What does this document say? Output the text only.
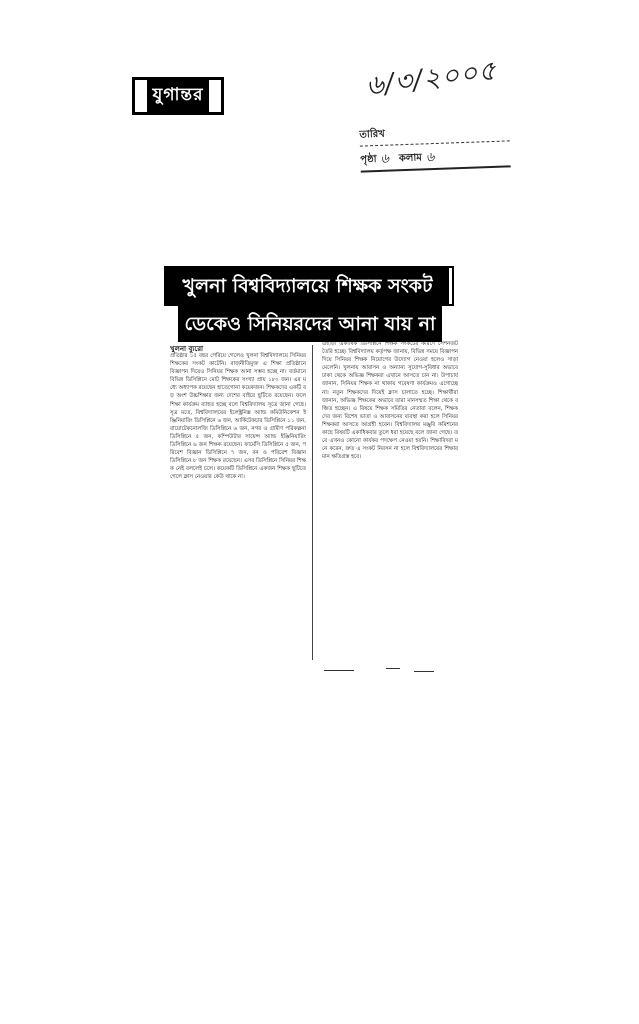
যুগান্তর	৬/৩/২০০৫
তারিখ
পৃষ্ঠা ৬ কলাম ৬
খুলনা বিশ্ববিদ্যালয়ে শিক্ষক সংকট
ডেকেও সিনিয়রদের আনা যায় না
খুলনা ব্যুরো
প্রতিষ্ঠার ১৫ বছর পেরিয়ে গেলেও খুলনা বিশ্ববিদ্যালয়ে সিনিয়র শিক্ষকের সংকট কাটেনি। রাজনীতিমুক্ত এ শিক্ষা প্রতিষ্ঠানে বিজ্ঞাপন দিয়েও সিনিয়র শিক্ষক আনা সম্ভব হচ্ছে না। বর্তমানে বিভিন্ন ডিসিপ্লিনে মোট শিক্ষকের সংখ্যা প্রায় ১৮০ জন। এর মধ্যে অধ্যাপক রয়েছেন হাতেগোনা কয়েকজন। শিক্ষকদের একটি বড় অংশ উচ্চশিক্ষার জন্য দেশের বাইরে ছুটিতে রয়েছেন। ফলে শিক্ষা কার্যক্রম ব্যাহত হচ্ছে বলে বিশ্ববিদ্যালয় সূত্রে জানা গেছে। সূত্র মতে, বিশ্ববিদ্যালয়ের ইলেক্ট্রনিক্স অ্যান্ড কমিউনিকেশন ইঞ্জিনিয়ারিং ডিসিপ্লিনে ৬ জন, আর্কিটেকচার ডিসিপ্লিনে ১১ জন, বায়োটেকনোলজি ডিসিপ্লিনে ৬ জন, নগর ও গ্রামীণ পরিকল্পনা ডিসিপ্লিনে ৫ জন, কম্পিউটার সায়েন্স অ্যান্ড ইঞ্জিনিয়ারিং ডিসিপ্লিনে ৬ জন শিক্ষক রয়েছেন। ফার্মেসি ডিসিপ্লিনে ৫ জন, পরিবেশ বিজ্ঞান ডিসিপ্লিনে ৭ জন, বন ও পরিবেশ বিজ্ঞান ডিসিপ্লিনে ৮ জন শিক্ষক রয়েছেন। এসব ডিসিপ্লিনে সিনিয়র শিক্ষক নেই বললেই চলে। কয়েকটি ডিসিপ্লিনে একজন শিক্ষক ছুটিতে গেলে ক্লাস নেওয়ার কেউ থাকে না।
এছাড়া একাধিক ডিসিপ্লিনে শিক্ষক সংকটের কারণে সেশনজট তৈরি হচ্ছে। বিশ্ববিদ্যালয় কর্তৃপক্ষ জানায়, বিভিন্ন সময়ে বিজ্ঞাপন দিয়ে সিনিয়র শিক্ষক নিয়োগের উদ্যোগ নেওয়া হলেও সাড়া মেলেনি। খুলনায় আবাসন ও অন্যান্য সুযোগ-সুবিধার অভাবে ঢাকা থেকে অভিজ্ঞ শিক্ষকরা এখানে আসতে চান না। উপাচার্য জানান, সিনিয়র শিক্ষক না থাকায় গবেষণা কার্যক্রমও এগোচ্ছে না। নতুন শিক্ষকদের দিয়েই ক্লাস চালাতে হচ্ছে। শিক্ষার্থীরা জানান, অভিজ্ঞ শিক্ষকের অভাবে তারা মানসম্মত শিক্ষা থেকে বঞ্চিত হচ্ছেন। এ বিষয়ে শিক্ষক সমিতির নেতারা বলেন, শিক্ষকদের জন্য বিশেষ ভাতা ও আবাসনের ব্যবস্থা করা হলে সিনিয়র শিক্ষকরা আসতে আগ্রহী হবেন। বিশ্ববিদ্যালয় মঞ্জুরি কমিশনের কাছে বিষয়টি একাধিকবার তুলে ধরা হয়েছে বলে জানা গেছে। তবে এখনও কোনো কার্যকর পদক্ষেপ নেওয়া হয়নি। শিক্ষাবিদরা মনে করেন, দ্রুত এ সংকট নিরসন না হলে বিশ্ববিদ্যালয়ের শিক্ষার মান ক্ষতিগ্রস্ত হবে।
